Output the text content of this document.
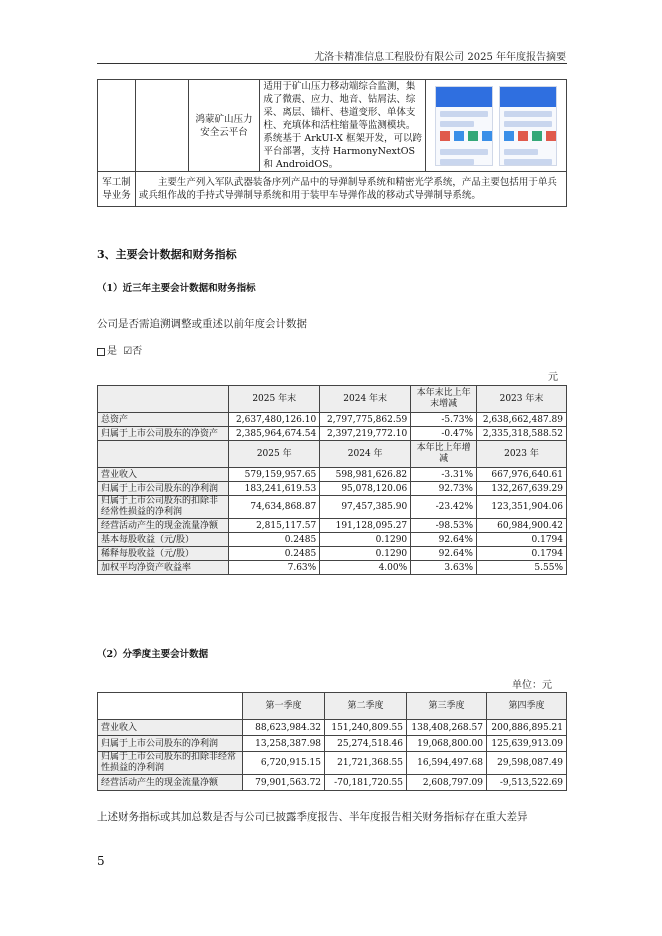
尤洛卡精准信息工程股份有限公司 2025 年年度报告摘要
		鸿蒙矿山压力安全云平台	适用于矿山压力移动端综合监测，集成了微震、应力、地音、钻屑法、综采、离层、锚杆、巷道变形、单体支柱、充填体和活柱缩量等监测模块。系统基于 ArkUI-X 框架开发，可以跨平台部署，支持 HarmonyNextOS 和 AndroidOS。	

军工制导业务	主要生产列入军队武器装备序列产品中的导弹制导系统和精密光学系统，产品主要包括用于单兵或兵组作战的手持式导弹制导系统和用于装甲车导弹作战的移动式导弹制导系统。			
3、主要会计数据和财务指标
（1）近三年主要会计数据和财务指标
公司是否需追溯调整或重述以前年度会计数据
是 ☑否
元
	2025 年末	2024 年末	本年末比上年末增减	2023 年末
总资产	2,637,480,126.10	2,797,775,862.59	-5.73%	2,638,662,487.89
归属于上市公司股东的净资产	2,385,964,674.54	2,397,219,772.10	-0.47%	2,335,318,588.52
	2025 年	2024 年	本年比上年增减	2023 年
营业收入	579,159,957.65	598,981,626.82	-3.31%	667,976,640.61
归属于上市公司股东的净利润	183,241,619.53	95,078,120.06	92.73%	132,267,639.29
归属于上市公司股东的扣除非经常性损益的净利润	74,634,868.87	97,457,385.90	-23.42%	123,351,904.06
经营活动产生的现金流量净额	2,815,117.57	191,128,095.27	-98.53%	60,984,900.42
基本每股收益（元/股）	0.2485	0.1290	92.64%	0.1794
稀释每股收益（元/股）	0.2485	0.1290	92.64%	0.1794
加权平均净资产收益率	7.63%	4.00%	3.63%	5.55%
（2）分季度主要会计数据
单位：元
	第一季度	第二季度	第三季度	第四季度
营业收入	88,623,984.32	151,240,809.55	138,408,268.57	200,886,895.21
归属于上市公司股东的净利润	13,258,387.98	25,274,518.46	19,068,800.00	125,639,913.09
归属于上市公司股东的扣除非经常性损益的净利润	6,720,915.15	21,721,368.55	16,594,497.68	29,598,087.49
经营活动产生的现金流量净额	79,901,563.72	-70,181,720.55	2,608,797.09	-9,513,522.69
上述财务指标或其加总数是否与公司已披露季度报告、半年度报告相关财务指标存在重大差异
5
